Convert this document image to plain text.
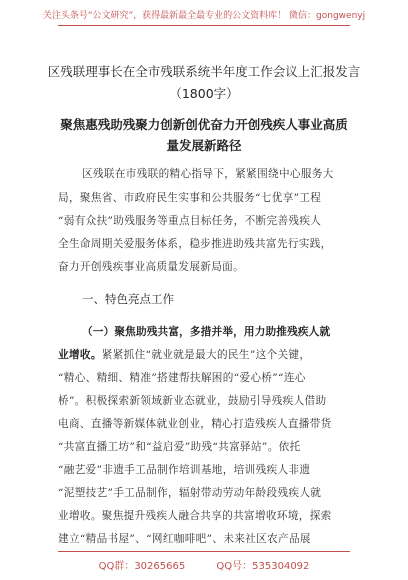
关注头条号“公文研究”，获得最新最全最专业的公文资料库！ 微信：gongwenyj
区残联理事长在全市残联系统半年度工作会议上汇报发言
（1800字）
聚焦惠残助残聚力创新创优奋力开创残疾人事业高质
量发展新路径
区残联在市残联的精心指导下，紧紧围绕中心服务大
局，聚焦省、市政府民生实事和公共服务“七优享”工程
“弱有众扶”助残服务等重点目标任务，不断完善残疾人
全生命周期关爱服务体系，稳步推进助残共富先行实践，
奋力开创残疾事业高质量发展新局面。
一、特色亮点工作
（一）聚焦助残共富，多措并举，用力助推残疾人就
业增收。紧紧抓住“就业就是最大的民生”这个关键，
“精心、精细、精准”搭建帮扶解困的“爱心桥”“连心
桥”。积极探索新领域新业态就业，鼓励引导残疾人借助
电商、直播等新媒体就业创业，精心打造残疾人直播带货
“共富直播工坊”和“益启爱”助残“共富驿站”。依托
“融艺爱”非遗手工品制作培训基地，培训残疾人非遗
“泥塑技艺”手工品制作，辐射带动劳动年龄段残疾人就
业增收。聚焦提升残疾人融合共享的共富增收环境，探索
建立“精品书屋”、“网红咖啡吧”、未来社区农产品展
QQ群：30265665	QQ号：535304092
